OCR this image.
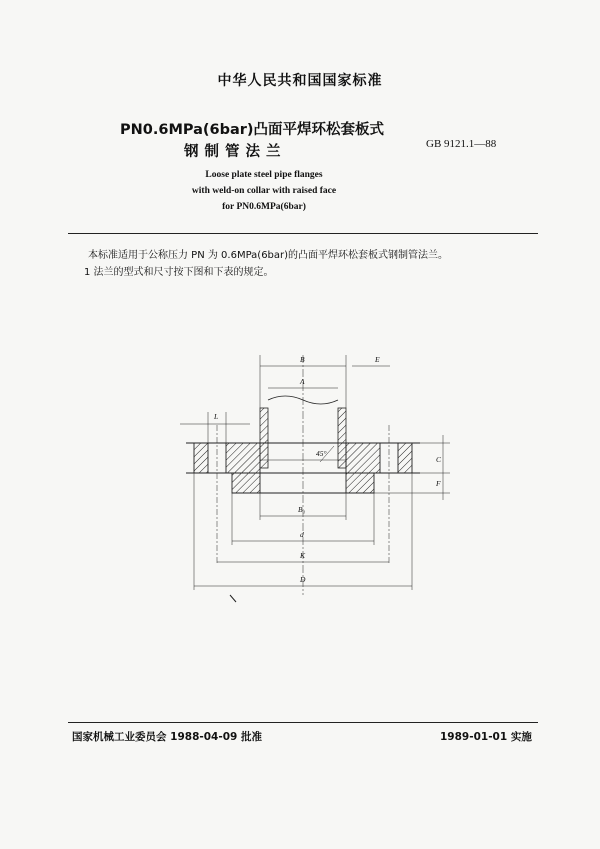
中华人民共和国国家标准
PN0.6MPa(6bar)凸面平焊环松套板式
钢制管法兰	GB 9121.1—88
Loose plate steel pipe flanges
with weld-on collar with raised face
for PN0.6MPa(6bar)
本标准适用于公称压力 PN 为 0.6MPa(6bar)的凸面平焊环松套板式钢制管法兰。
1 法兰的型式和尺寸按下图和下表的规定。
B	E
A
L
45°
C
F
B₁
d
K
D
国家机械工业委员会 1988-04-09 批准	1989-01-01 实施
